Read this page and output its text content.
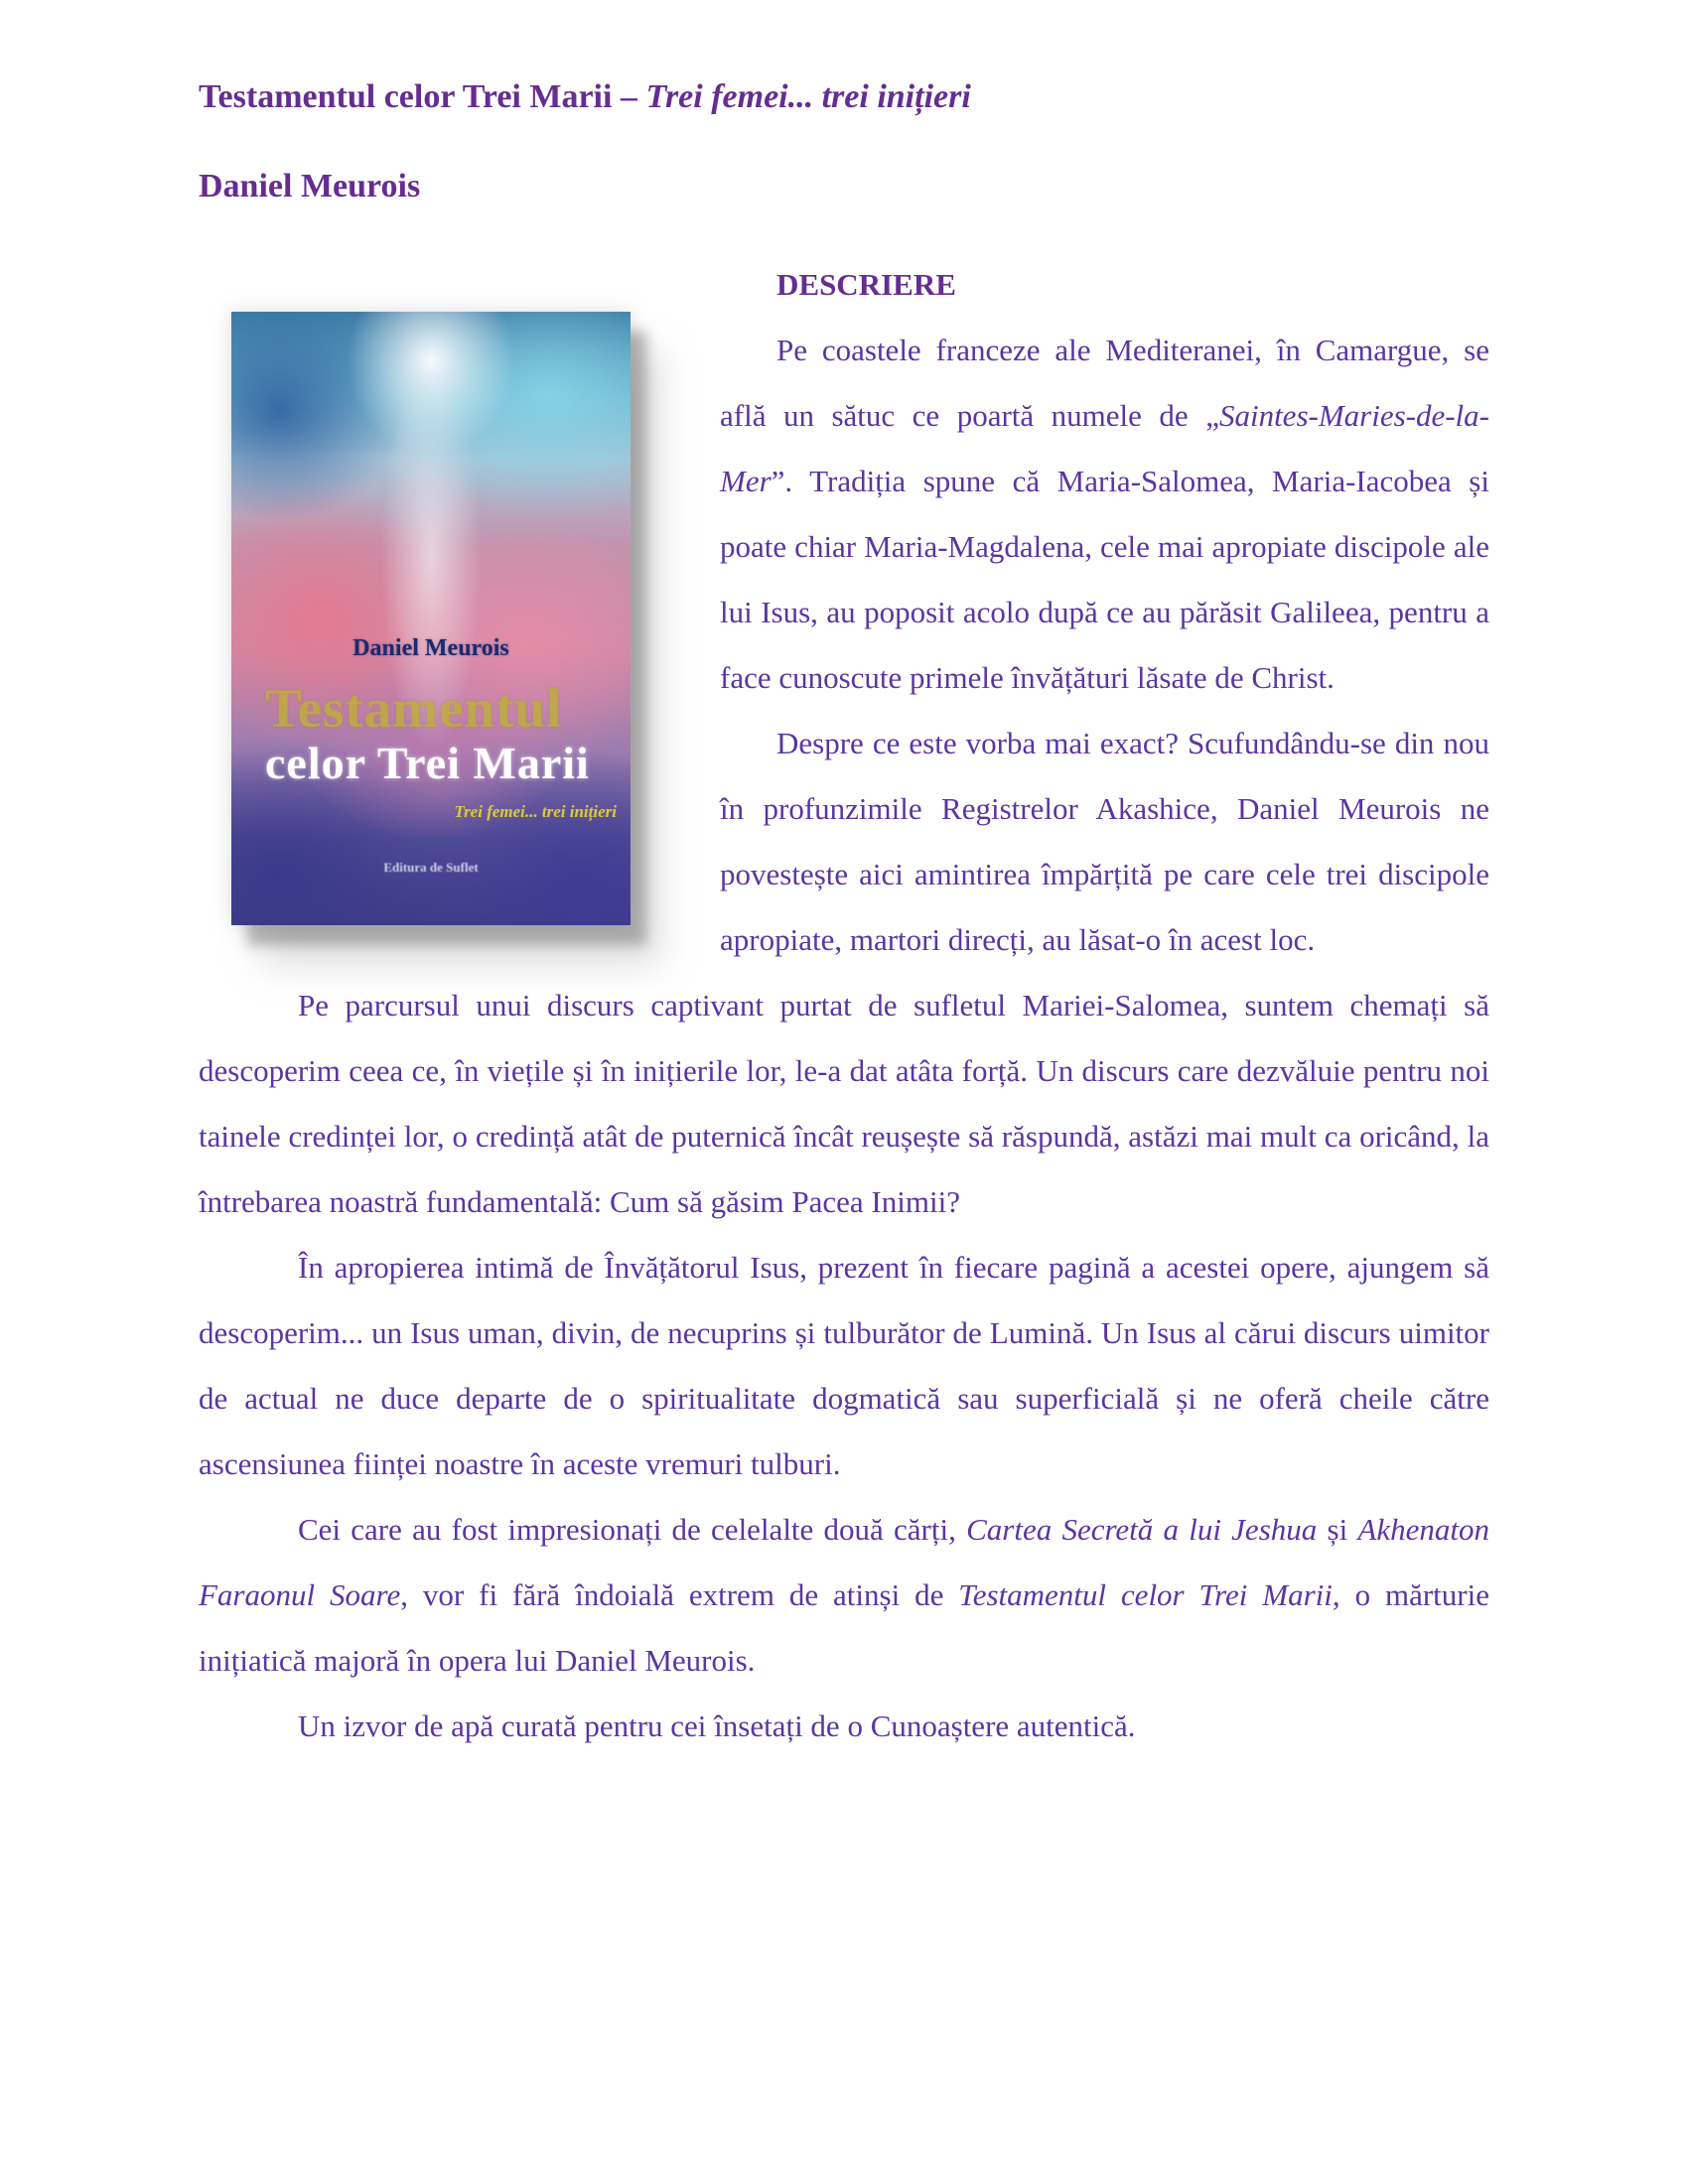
Testamentul celor Trei Marii – Trei femei... trei inițieri
Daniel Meurois
Daniel Meurois
Testamentul
celor Trei Marii
Trei femei... trei inițieri
Editura de Suflet
DESCRIERE

Pe coastele franceze ale Mediteranei, în Camargue, se află un sătuc ce poartă numele de „Saintes-Maries-de-la-Mer”. Tradiția spune că Maria-Salomea, Maria-Iacobea și poate chiar Maria-Magdalena, cele mai apropiate discipole ale lui Isus, au poposit acolo după ce au părăsit Galileea, pentru a face cunoscute primele învățături lăsate de Christ.

Despre ce este vorba mai exact? Scufundându-se din nou în profunzimile Registrelor Akashice, Daniel Meurois ne povestește aici amintirea împărțită pe care cele trei discipole apropiate, martori direcți, au lăsat-o în acest loc.

Pe parcursul unui discurs captivant purtat de sufletul Mariei-Salomea, suntem chemați să descoperim ceea ce, în viețile și în inițierile lor, le-a dat atâta forță. Un discurs care dezvăluie pentru noi tainele credinței lor, o credință atât de puternică încât reușește să răspundă, astăzi mai mult ca oricând, la întrebarea noastră fundamentală: Cum să găsim Pacea Inimii?

În apropierea intimă de Învățătorul Isus, prezent în fiecare pagină a acestei opere, ajungem să descoperim... un Isus uman, divin, de necuprins și tulburător de Lumină. Un Isus al cărui discurs uimitor de actual ne duce departe de o spiritualitate dogmatică sau superficială și ne oferă cheile către ascensiunea ființei noastre în aceste vremuri tulburi.

Cei care au fost impresionați de celelalte două cărți, Cartea Secretă a lui Jeshua și Akhenaton Faraonul Soare, vor fi fără îndoială extrem de atinși de Testamentul celor Trei Marii, o mărturie inițiatică majoră în opera lui Daniel Meurois.

Un izvor de apă curată pentru cei însetați de o Cunoaștere autentică.
